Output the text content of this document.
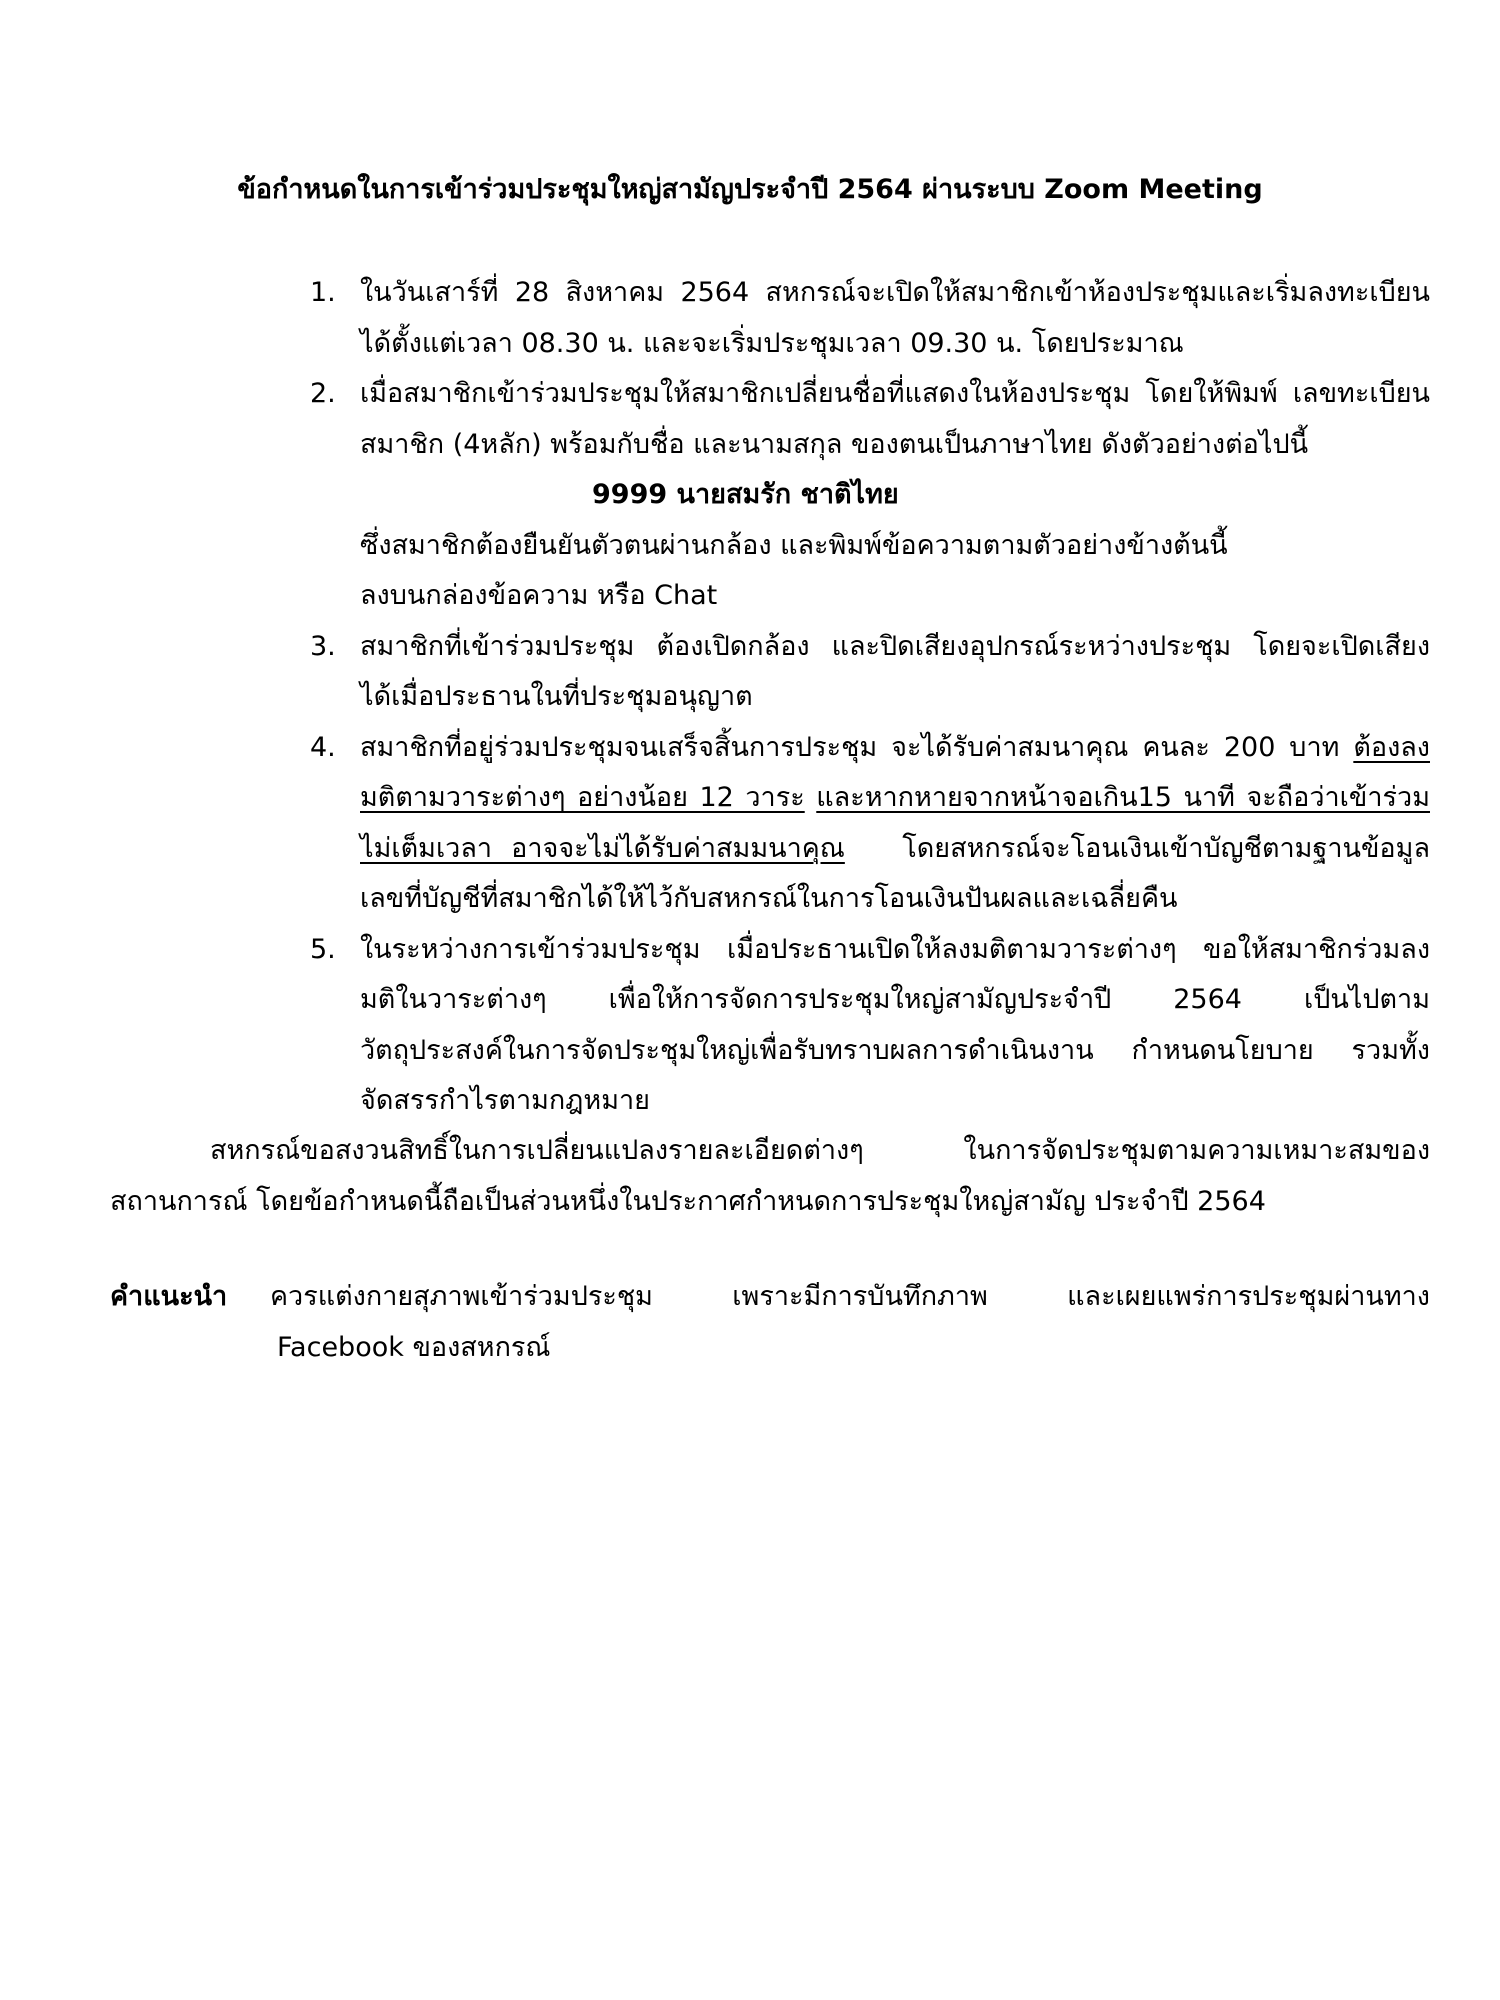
ข้อกำหนดในการเข้าร่วมประชุมใหญ่สามัญประจำปี 2564 ผ่านระบบ Zoom Meeting
1. ในวันเสาร์ที่ 28 สิงหาคม 2564 สหกรณ์จะเปิดให้สมาชิกเข้าห้องประชุมและเริ่มลงทะเบียน
ได้ตั้งแต่เวลา 08.30 น. และจะเริ่มประชุมเวลา 09.30 น. โดยประมาณ
2. เมื่อสมาชิกเข้าร่วมประชุมให้สมาชิกเปลี่ยนชื่อที่แสดงในห้องประชุม โดยให้พิมพ์ เลขทะเบียน
สมาชิก (4หลัก) พร้อมกับชื่อ และนามสกุล ของตนเป็นภาษาไทย ดังตัวอย่างต่อไปนี้
9999 นายสมรัก ชาติไทย
ซึ่งสมาชิกต้องยืนยันตัวตนผ่านกล้อง และพิมพ์ข้อความตามตัวอย่างข้างต้นนี้
ลงบนกล่องข้อความ หรือ Chat
3. สมาชิกที่เข้าร่วมประชุม ต้องเปิดกล้อง และปิดเสียงอุปกรณ์ระหว่างประชุม โดยจะเปิดเสียง
ได้เมื่อประธานในที่ประชุมอนุญาต
4. สมาชิกที่อยู่ร่วมประชุมจนเสร็จสิ้นการประชุม จะได้รับค่าสมนาคุณ คนละ 200 บาท ต้องลง
มติตามวาระต่างๆ อย่างน้อย 12 วาระ และหากหายจากหน้าจอเกิน15 นาที จะถือว่าเข้าร่วม
ไม่เต็มเวลา อาจจะไม่ได้รับค่าสมมนาคุณ โดยสหกรณ์จะโอนเงินเข้าบัญชีตามฐานข้อมูล
เลขที่บัญชีที่สมาชิกได้ให้ไว้กับสหกรณ์ในการโอนเงินปันผลและเฉลี่ยคืน
5. ในระหว่างการเข้าร่วมประชุม เมื่อประธานเปิดให้ลงมติตามวาระต่างๆ ขอให้สมาชิกร่วมลง
มติในวาระต่างๆ เพื่อให้การจัดการประชุมใหญ่สามัญประจำปี 2564 เป็นไปตาม
วัตถุประสงค์ในการจัดประชุมใหญ่เพื่อรับทราบผลการดำเนินงาน กำหนดนโยบาย รวมทั้ง
จัดสรรกำไรตามกฎหมาย
สหกรณ์ขอสงวนสิทธิ์ในการเปลี่ยนแปลงรายละเอียดต่างๆ ในการจัดประชุมตามความเหมาะสมของ
สถานการณ์ โดยข้อกำหนดนี้ถือเป็นส่วนหนึ่งในประกาศกำหนดการประชุมใหญ่สามัญ ประจำปี 2564
คำแนะนำ ควรแต่งกายสุภาพเข้าร่วมประชุม เพราะมีการบันทึกภาพ และเผยแพร่การประชุมผ่านทาง
Facebook ของสหกรณ์
